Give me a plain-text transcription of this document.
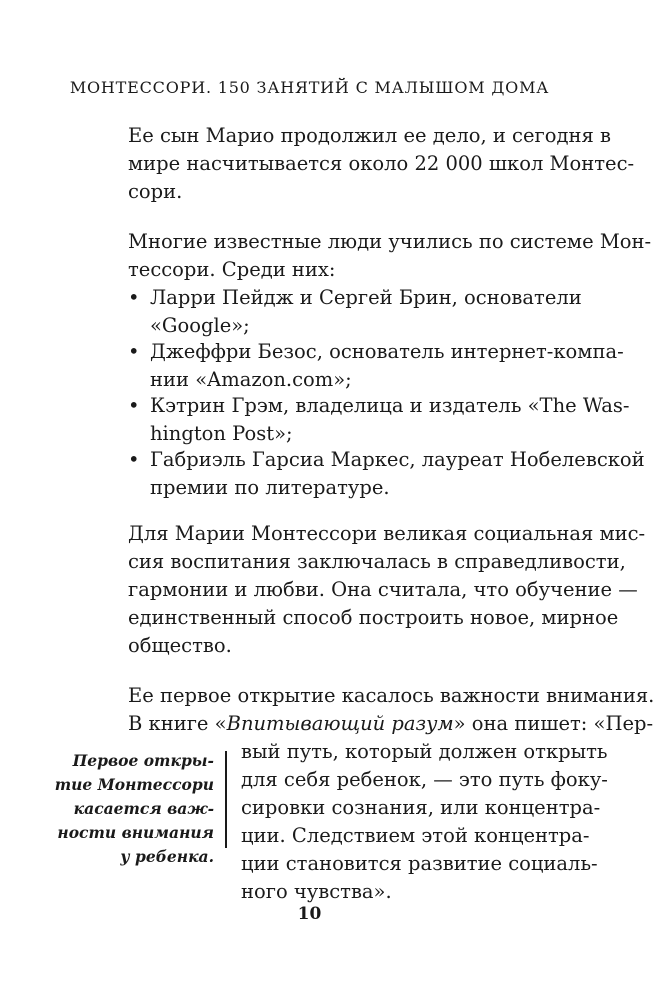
МОНТЕССОРИ. 150 ЗАНЯТИЙ С МАЛЫШОМ ДОМА
Ее сын Марио продолжил ее дело, и сегодня в
мире насчитывается около 22 000 школ Монтес-
сори.
Многие известные люди учились по системе Мон-
тессори. Среди них:
• Ларри Пейдж и Сергей Брин, основатели
«Google»;
• Джеффри Безос, основатель интернет-компа-
нии «Amazon.com»;
• Кэтрин Грэм, владелица и издатель «The Was-
hington Post»;
• Габриэль Гарсиа Маркес, лауреат Нобелевской
премии по литературе.
Для Марии Монтессори великая социальная мис-
сия воспитания заключалась в справедливости,
гармонии и любви. Она считала, что обучение —
единственный способ построить новое, мирное
общество.
Ее первое открытие касалось важности внимания.
В книге «Впитывающий разум» она пишет: «Пер-
вый путь, который должен открыть
для себя ребенок, — это путь фоку-
сировки сознания, или концентра-
ции. Следствием этой концентра-
ции становится развитие социаль-
ного чувства».
Первое откры-
тие Монтессори
касается важ-
ности внимания
у ребенка.
10
